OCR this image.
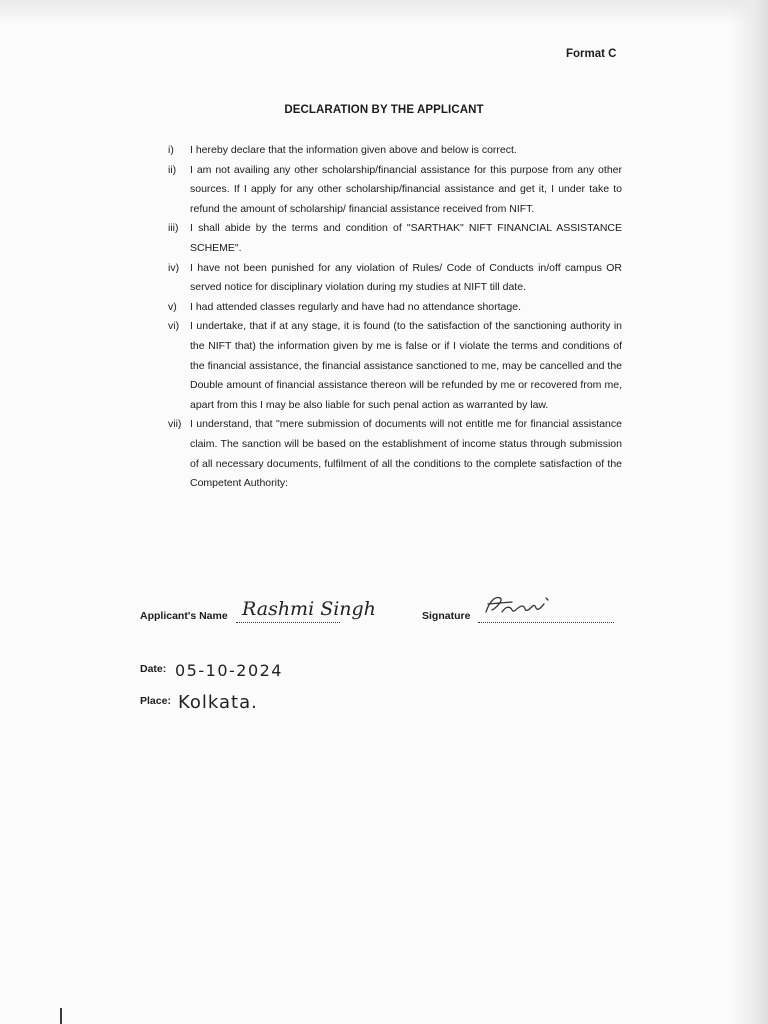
Format C
DECLARATION BY THE APPLICANT
i) I hereby declare that the information given above and below is correct.
ii) I am not availing any other scholarship/financial assistance for this purpose from any other sources. If I apply for any other scholarship/financial assistance and get it, I under take to refund the amount of scholarship/ financial assistance received from NIFT.
iii) I shall abide by the terms and condition of "SARTHAK" NIFT FINANCIAL ASSISTANCE SCHEME".
iv) I have not been punished for any violation of Rules/ Code of Conducts in/off campus OR served notice for disciplinary violation during my studies at NIFT till date.
v) I had attended classes regularly and have had no attendance shortage.
vi) I undertake, that if at any stage, it is found (to the satisfaction of the sanctioning authority in the NIFT that) the information given by me is false or if I violate the terms and conditions of the financial assistance, the financial assistance sanctioned to me, may be cancelled and the Double amount of financial assistance thereon will be refunded by me or recovered from me, apart from this I may be also liable for such penal action as warranted by law.
vii) I understand, that "mere submission of documents will not entitle me for financial assistance claim. The sanction will be based on the establishment of income status through submission of all necessary documents, fulfilment of all the conditions to the complete satisfaction of the Competent Authority:
Applicant's Name Rashmi Singh	Signature
Date: 05-10-2024
Place: Kolkata.
